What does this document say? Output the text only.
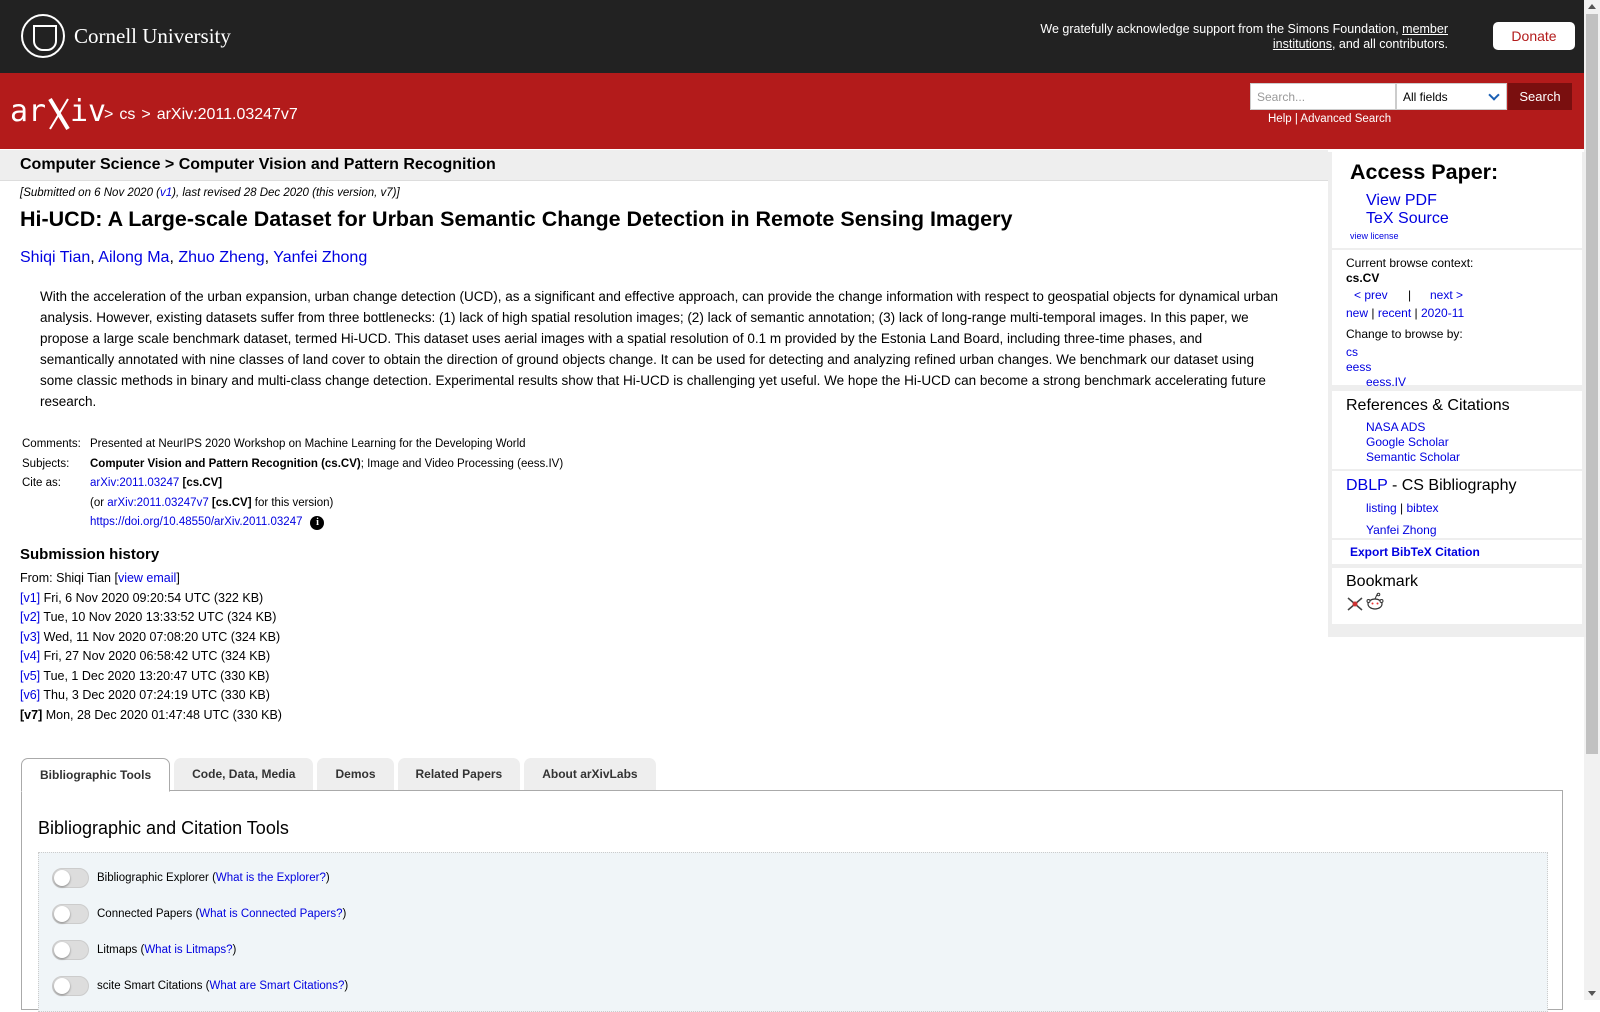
Cornell University	We gratefully acknowledge support from the Simons Foundation, member institutions, and all contributors.	Donate
ar iv
> cs > arXiv:2011.03247v7
Search...	All fields	Search
Help | Advanced Search
Computer Science > Computer Vision and Pattern Recognition
[Submitted on 6 Nov 2020 (v1), last revised 28 Dec 2020 (this version, v7)]
Hi-UCD: A Large-scale Dataset for Urban Semantic Change Detection in Remote Sensing Imagery
Shiqi Tian, Ailong Ma, Zhuo Zheng, Yanfei Zhong

With the acceleration of the urban expansion, urban change detection (UCD), as a significant and effective approach, can provide the change information with respect to geospatial objects for dynamical urban analysis. However, existing datasets suffer from three bottlenecks: (1) lack of high spatial resolution images; (2) lack of semantic annotation; (3) lack of long-range multi-temporal images. In this paper, we propose a large scale benchmark dataset, termed Hi-UCD. This dataset uses aerial images with a spatial resolution of 0.1 m provided by the Estonia Land Board, including three-time phases, and semantically annotated with nine classes of land cover to obtain the direction of ground objects change. It can be used for detecting and analyzing refined urban changes. We benchmark our dataset using some classic methods in binary and multi-class change detection. Experimental results show that Hi-UCD is challenging yet useful. We hope the Hi-UCD can become a strong benchmark accelerating future research.

Comments: Presented at NeurIPS 2020 Workshop on Machine Learning for the Developing World
Subjects:	Computer Vision and Pattern Recognition (cs.CV); Image and Video Processing (eess.IV)
Cite as:	arXiv:2011.03247 [cs.CV]
(or arXiv:2011.03247v7 [cs.CV] for this version)
https://doi.org/10.48550/arXiv.2011.03247 i
Submission history
From: Shiqi Tian [view email]
[v1] Fri, 6 Nov 2020 09:20:54 UTC (322 KB)
[v2] Tue, 10 Nov 2020 13:33:52 UTC (324 KB)
[v3] Wed, 11 Nov 2020 07:08:20 UTC (324 KB)
[v4] Fri, 27 Nov 2020 06:58:42 UTC (324 KB)
[v5] Tue, 1 Dec 2020 13:20:47 UTC (330 KB)
[v6] Thu, 3 Dec 2020 07:24:19 UTC (330 KB)
[v7] Mon, 28 Dec 2020 01:47:48 UTC (330 KB)
Bibliographic Tools	Code, Data, Media	Demos	Related Papers	About arXivLabs
Bibliographic and Citation Tools
Bibliographic Explorer ( What is the Explorer? )
Connected Papers ( What is Connected Papers? )
Litmaps ( What is Litmaps? )
scite Smart Citations ( What are Smart Citations? )
Access Paper:
View PDF
TeX Source
view license
Current browse context:
cs.CV
< prev | next >
new | recent | 2020-11
Change to browse by:
cs
eess
eess.IV
References & Citations
NASA ADS
Google Scholar
Semantic Scholar
DBLP - CS Bibliography
listing | bibtex
Yanfei Zhong
Export BibTeX Citation
Bookmark
